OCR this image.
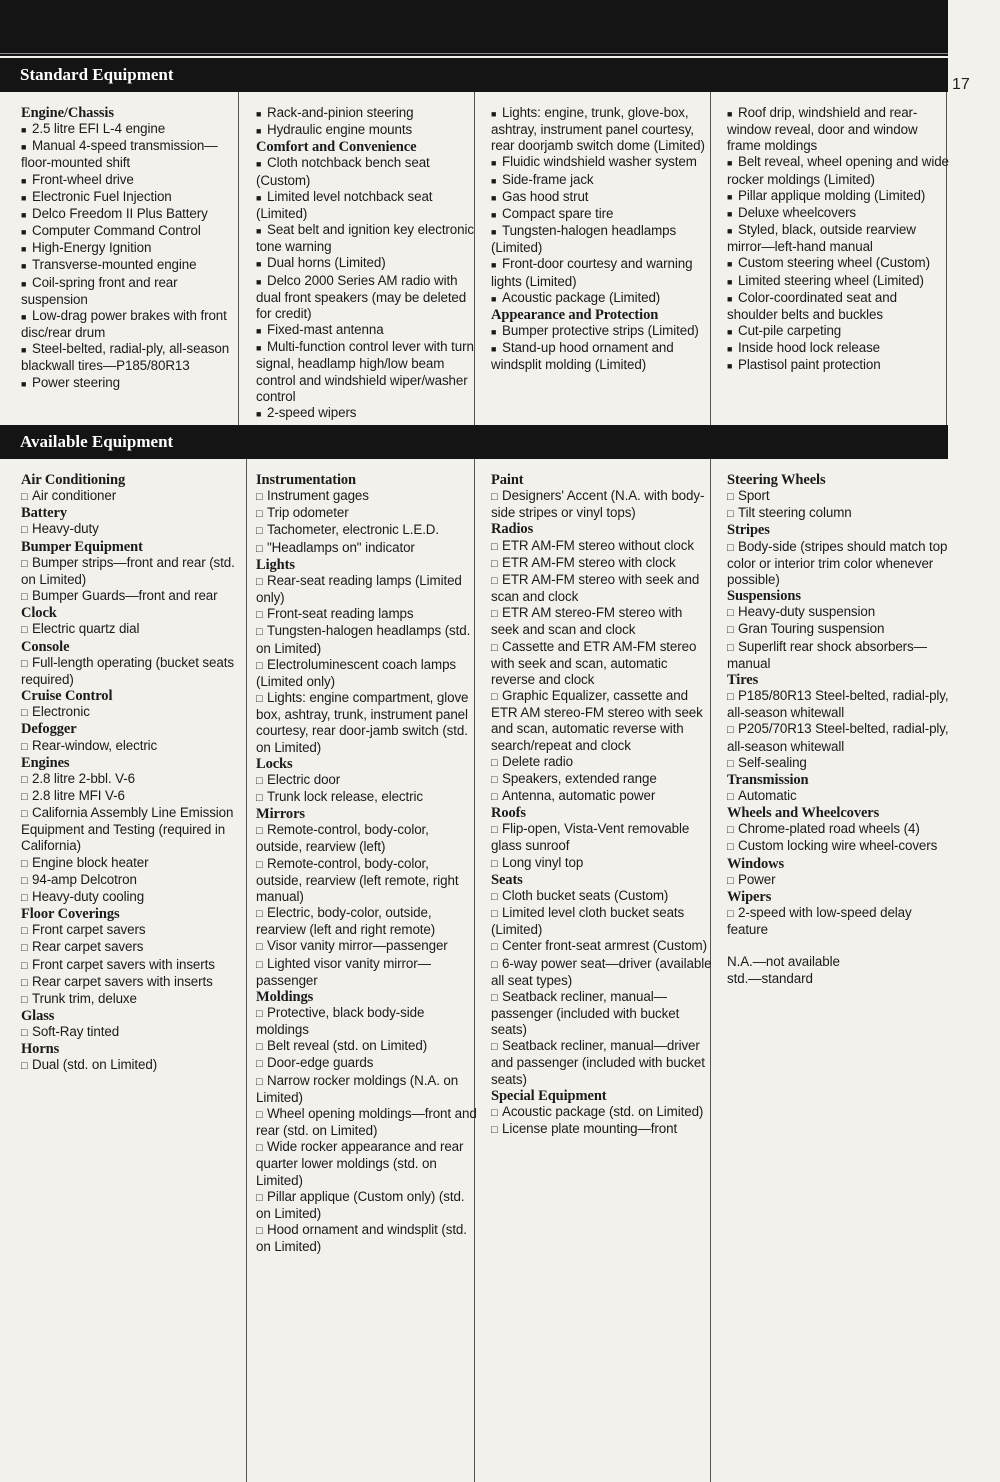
17
Standard Equipment
Engine/Chassis
■ 2.5 litre EFI L-4 engine
■ Manual 4-speed transmission—floor-mounted shift
■ Front-wheel drive
■ Electronic Fuel Injection
■ Delco Freedom II Plus Battery
■ Computer Command Control
■ High-Energy Ignition
■ Transverse-mounted engine
■ Coil-spring front and rear suspension
■ Low-drag power brakes with front disc/rear drum
■ Steel-belted, radial-ply, all-season blackwall tires—P185/80R13
■ Power steering
■ Rack-and-pinion steering
■ Hydraulic engine mounts
Comfort and Convenience
■ Cloth notchback bench seat (Custom)
■ Limited level notchback seat (Limited)
■ Seat belt and ignition key electronic tone warning
■ Dual horns (Limited)
■ Delco 2000 Series AM radio with dual front speakers (may be deleted for credit)
■ Fixed-mast antenna
■ Multi-function control lever with turn signal, headlamp high/low beam control and windshield wiper/washer control
■ 2-speed wipers
■ Lights: engine, trunk, glove-box, ashtray, instrument panel courtesy, rear doorjamb switch dome (Limited)
■ Fluidic windshield washer system
■ Side-frame jack
■ Gas hood strut
■ Compact spare tire
■ Tungsten-halogen headlamps (Limited)
■ Front-door courtesy and warning lights (Limited)
■ Acoustic package (Limited)
Appearance and Protection
■ Bumper protective strips (Limited)
■ Stand-up hood ornament and windsplit molding (Limited)
■ Roof drip, windshield and rear-window reveal, door and window frame moldings
■ Belt reveal, wheel opening and wide rocker moldings (Limited)
■ Pillar applique molding (Limited)
■ Deluxe wheelcovers
■ Styled, black, outside rearview mirror—left-hand manual
■ Custom steering wheel (Custom)
■ Limited steering wheel (Limited)
■ Color-coordinated seat and shoulder belts and buckles
■ Cut-pile carpeting
■ Inside hood lock release
■ Plastisol paint protection
Available Equipment
Air Conditioning
□ Air conditioner
Battery
□ Heavy-duty
Bumper Equipment
□ Bumper strips—front and rear (std. on Limited)
□ Bumper Guards—front and rear
Clock
□ Electric quartz dial
Console
□ Full-length operating (bucket seats required)
Cruise Control
□ Electronic
Defogger
□ Rear-window, electric
Engines
□ 2.8 litre 2-bbl. V-6
□ 2.8 litre MFI V-6
□ California Assembly Line Emission Equipment and Testing (required in California)
□ Engine block heater
□ 94-amp Delcotron
□ Heavy-duty cooling
Floor Coverings
□ Front carpet savers
□ Rear carpet savers
□ Front carpet savers with inserts
□ Rear carpet savers with inserts
□ Trunk trim, deluxe
Glass
□ Soft-Ray tinted
Horns
□ Dual (std. on Limited)
Instrumentation
□ Instrument gages
□ Trip odometer
□ Tachometer, electronic L.E.D.
□ "Headlamps on" indicator
Lights
□ Rear-seat reading lamps (Limited only)
□ Front-seat reading lamps
□ Tungsten-halogen headlamps (std. on Limited)
□ Electroluminescent coach lamps (Limited only)
□ Lights: engine compartment, glove box, ashtray, trunk, instrument panel courtesy, rear door-jamb switch (std. on Limited)
Locks
□ Electric door
□ Trunk lock release, electric
Mirrors
□ Remote-control, body-color, outside, rearview (left)
□ Remote-control, body-color, outside, rearview (left remote, right manual)
□ Electric, body-color, outside, rearview (left and right remote)
□ Visor vanity mirror—passenger
□ Lighted visor vanity mirror—passenger
Moldings
□ Protective, black body-side moldings
□ Belt reveal (std. on Limited)
□ Door-edge guards
□ Narrow rocker moldings (N.A. on Limited)
□ Wheel opening moldings—front and rear (std. on Limited)
□ Wide rocker appearance and rear quarter lower moldings (std. on Limited)
□ Pillar applique (Custom only) (std. on Limited)
□ Hood ornament and windsplit (std. on Limited)
Paint
□ Designers' Accent (N.A. with body-side stripes or vinyl tops)
Radios
□ ETR AM-FM stereo without clock
□ ETR AM-FM stereo with clock
□ ETR AM-FM stereo with seek and scan and clock
□ ETR AM stereo-FM stereo with seek and scan and clock
□ Cassette and ETR AM-FM stereo with seek and scan, automatic reverse and clock
□ Graphic Equalizer, cassette and ETR AM stereo-FM stereo with seek and scan, automatic reverse with search/repeat and clock
□ Delete radio
□ Speakers, extended range
□ Antenna, automatic power
Roofs
□ Flip-open, Vista-Vent removable glass sunroof
□ Long vinyl top
Seats
□ Cloth bucket seats (Custom)
□ Limited level cloth bucket seats (Limited)
□ Center front-seat armrest (Custom)
□ 6-way power seat—driver (available all seat types)
□ Seatback recliner, manual—passenger (included with bucket seats)
□ Seatback recliner, manual—driver and passenger (included with bucket seats)
Special Equipment
□ Acoustic package (std. on Limited)
□ License plate mounting—front
Steering Wheels
□ Sport
□ Tilt steering column
Stripes
□ Body-side (stripes should match top color or interior trim color whenever possible)
Suspensions
□ Heavy-duty suspension
□ Gran Touring suspension
□ Superlift rear shock absorbers—manual
Tires
□ P185/80R13 Steel-belted, radial-ply, all-season whitewall
□ P205/70R13 Steel-belted, radial-ply, all-season whitewall
□ Self-sealing
Transmission
□ Automatic
Wheels and Wheelcovers
□ Chrome-plated road wheels (4)
□ Custom locking wire wheel-covers
Windows
□ Power
Wipers
□ 2-speed with low-speed delay feature
N.A.—not available
std.—standard
